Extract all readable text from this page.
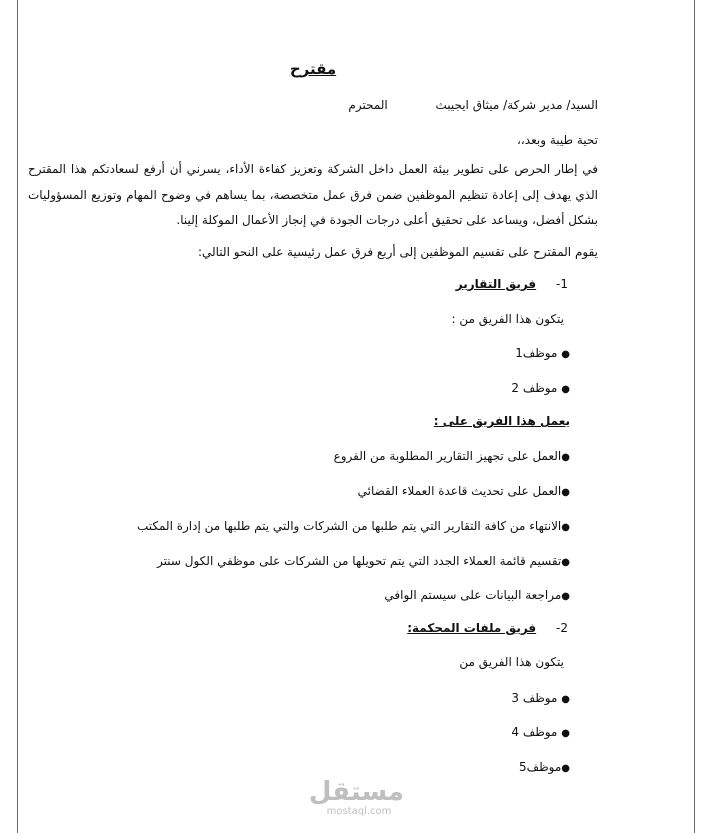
مقترح
السيد/ مدير شركة/ ميثاق ايجيبث  المحترم
تحية طيبة وبعد،،
في إطار الحرص على تطوير بيئة العمل داخل الشركة وتعزيز كفاءة الأداء، يسرني أن أرفع لسعادتكم هذا المقترح الذي يهدف إلى إعادة تنظيم الموظفين ضمن فرق عمل متخصصة، بما يساهم في وضوح المهام وتوزيع المسؤوليات بشكل أفضل، ويساعد على تحقيق أعلى درجات الجودة في إنجاز الأعمال الموكلة إلينا.
يقوم المقترح على تقسيم الموظفين إلى أربع فرق عمل رئيسية على النحو التالي:
1- فريق التقارير
يتكون هذا الفريق من :
● موظف1
● موظف 2
يعمل هذا الفريق على :
●العمل على تجهيز التقارير المطلوبة من الفروع
●العمل على تحديث قاعدة العملاء القضائي
●الانتهاء من كافة التقارير التي يتم طلبها من الشركات والتي يتم طلبها من إدارة المكتب
●تقسيم قائمة العملاء الجدد التي يتم تحويلها من الشركات على موظفي الكول سنتر
●مراجعة البيانات على سيستم الوافي
2- فريق ملفات المحكمة:
يتكون هذا الفريق من
● موظف 3
● موظف 4
●موظف5
مستقل
mostaql.com
